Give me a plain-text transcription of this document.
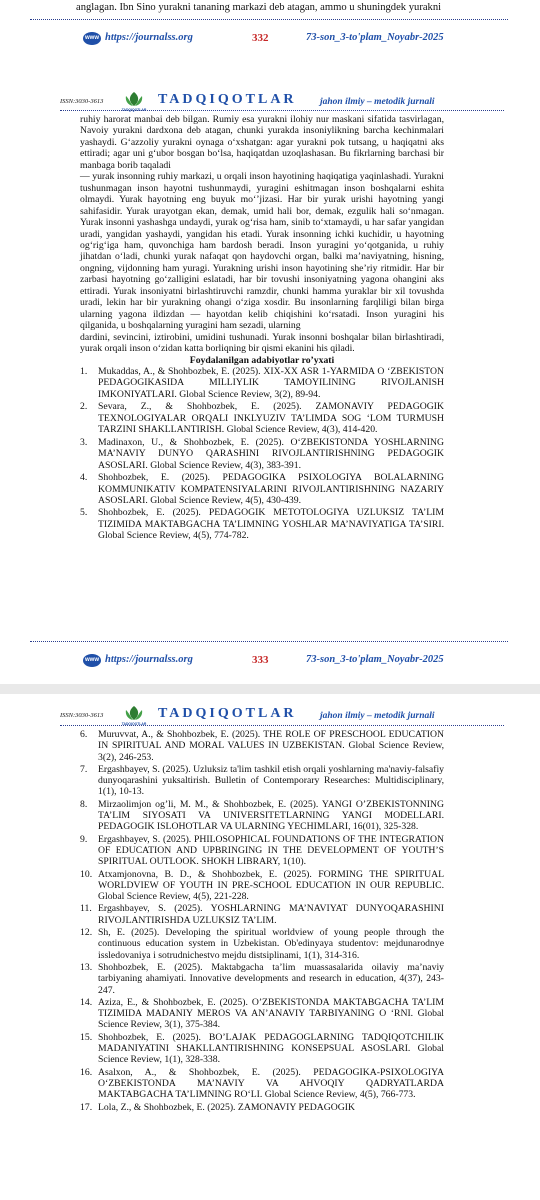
anglagan. Ibn Sino yurakni tananing markazi deb atagan, ammo u shuningdek yurakni
www https://journalss.org	332	73-son_3-to'plam_Noyabr-2025
ISSN:3030-3613
TADQIQOTLAR
TADQIQOTLAR jahon ilmiy – metodik jurnali

ruhiy harorat manbai deb bilgan. Rumiy esa yurakni ilohiy nur maskani sifatida tasvirlagan, Navoiy yurakni dardxona deb atagan, chunki yurakda insoniylikning barcha kechinmalari yashaydi. G‘azzoliy yurakni oynaga o‘xshatgan: agar yurakni pok tutsang, u haqiqatni aks ettiradi; agar uni g‘ubor bosgan bo‘lsa, haqiqatdan uzoqlashasan. Bu fikrlarning barchasi bir manbaga borib taqaladi

— yurak insonning ruhiy markazi, u orqali inson hayotining haqiqatiga yaqinlashadi. Yurakni tushunmagan inson hayotni tushunmaydi, yuragini eshitmagan inson boshqalarni eshita olmaydi. Yurak hayotning eng buyuk mo‘’jizasi. Har bir yurak urishi hayotning yangi sahifasidir. Yurak urayotgan ekan, demak, umid hali bor, demak, ezgulik hali so‘nmagan. Yurak insonni yashashga undaydi, yurak og‘risa ham, sinib to‘xtamaydi, u har safar yangidan uradi, yangidan yashaydi, yangidan his etadi. Yurak insonning ichki kuchidir, u hayotning og‘rig‘iga ham, quvonchiga ham bardosh beradi. Inson yuragini yo‘qotganida, u ruhiy jihatdan o‘ladi, chunki yurak nafaqat qon haydovchi organ, balki ma’naviyatning, hisning, ongning, vijdonning ham yuragi. Yurakning urishi inson hayotining she’riy ritmidir. Har bir zarbasi hayotning go‘zalligini eslatadi, har bir tovushi insoniyatning yagona ohangini aks ettiradi. Yurak insoniyatni birlashtiruvchi ramzdir, chunki hamma yuraklar bir xil tovushda uradi, lekin har bir yurakning ohangi o‘ziga xosdir. Bu insonlarning farqliligi bilan birga ularning yagona ildizdan — hayotdan kelib chiqishini ko‘rsatadi. Inson yuragini his qilganida, u boshqalarning yuragini ham sezadi, ularning

dardini, sevincini, iztirobini, umidini tushunadi. Yurak insonni boshqalar bilan birlashtiradi, yurak orqali inson o‘zidan katta borliqning bir qismi ekanini his qiladi.

Foydalanilgan adabiyotlar ro’yxati

1. Mukaddas, A., & Shohbozbek, E. (2025). XIX-XX ASR 1-YARMIDA O ‘ZBEKISTON PEDAGOGIKASIDA MILLIYLIK TAMOYILINING RIVOJLANISH IMKONIYATLARI. Global Science Review, 3(2), 89-94.
2. Sevara, Z., & Shohbozbek, E. (2025). ZAMONAVIY PEDAGOGIK TEXNOLOGIYALAR ORQALI INKLYUZIV TA’LIMDA SOG ‘LOM TURMUSH TARZINI SHAKLLANTIRISH. Global Science Review, 4(3), 414-420.
3. Madinaxon, U., & Shohbozbek, E. (2025). O‘ZBEKISTONDA YOSHLARNING MA’NAVIY DUNYO QARASHINI RIVOJLANTIRISHNING PEDAGOGIK ASOSLARI. Global Science Review, 4(3), 383-391.
4. Shohbozbek, E. (2025). PEDAGOGIKA PSIXOLOGIYA BOLALARNING KOMMUNIKATIV KOMPATENSIYALARINI RIVOJLANTIRISHNING NAZARIY ASOSLARI. Global Science Review, 4(5), 430-439.
5. Shohbozbek, E. (2025). PEDAGOGIK METOTOLOGIYA UZLUKSIZ TA’LIM TIZIMIDA MAKTABGACHA TA’LIMNING YOSHLAR MA’NAVIYATIGA TA’SIRI. Global Science Review, 4(5), 774-782.
www https://journalss.org	333	73-son_3-to'plam_Noyabr-2025
ISSN:3030-3613
TADQIQOTLAR
TADQIQOTLAR jahon ilmiy – metodik jurnali
6. Muruvvat, A., & Shohbozbek, E. (2025). THE ROLE OF PRESCHOOL EDUCATION IN SPIRITUAL AND MORAL VALUES IN UZBEKISTAN. Global Science Review, 3(2), 246-253.
7. Ergashbayev, S. (2025). Uzluksiz ta'lim tashkil etish orqali yoshlarning ma'naviy-falsafiy dunyoqarashini yuksaltirish. Bulletin of Contemporary Researches: Multidisciplinary, 1(1), 10-13.
8. Mirzaolimjon og’li, M. M., & Shohbozbek, E. (2025). YANGI O’ZBEKISTONNING TA’LIM SIYOSATI VA UNIVERSITETLARNING YANGI MODELLARI. PEDAGOGIK ISLOHOTLAR VA ULARNING YECHIMLARI, 16(01), 325-328.
9. Ergashbayev, S. (2025). PHILOSOPHICAL FOUNDATIONS OF THE INTEGRATION OF EDUCATION AND UPBRINGING IN THE DEVELOPMENT OF YOUTH’S SPIRITUAL OUTLOOK. SHOKH LIBRARY, 1(10).
10. Atxamjonovna, B. D., & Shohbozbek, E. (2025). FORMING THE SPIRITUAL WORLDVIEW OF YOUTH IN PRE-SCHOOL EDUCATION IN OUR REPUBLIC. Global Science Review, 4(5), 221-228.
11. Ergashbayev, S. (2025). YOSHLARNING MA’NAVIYAT DUNYOQARASHINI RIVOJLANTIRISHDA UZLUKSIZ TA’LIM.
12. Sh, E. (2025). Developing the spiritual worldview of young people through the continuous education system in Uzbekistan. Ob'edinyaya studentov: mejdunarodnye issledovaniya i sotrudnichestvo mejdu distsiplinami, 1(1), 314-316.
13. Shohbozbek, E. (2025). Maktabgacha ta’lim muassasalarida oilaviy ma’naviy tarbiyaning ahamiyati. Innovative developments and research in education, 4(37), 243-247.
14. Aziza, E., & Shohbozbek, E. (2025). O’ZBEKISTONDA MAKTABGACHA TA’LIM TIZIMIDA MADANIY MEROS VA AN’ANAVIY TARBIYANING O ‘RNI. Global Science Review, 3(1), 375-384.
15. Shohbozbek, E. (2025). BO’LAJAK PEDAGOGLARNING TADQIQOTCHILIK MADANIYATINI SHAKLLANTIRISHNING KONSEPSUAL ASOSLARI. Global Science Review, 1(1), 328-338.
16. Asalxon, A., & Shohbozbek, E. (2025). PEDAGOGIKA-PSIXOLOGIYA O‘ZBEKISTONDA MA’NAVIY VA AHVOQIY QADRYATLARDA MAKTABGACHA TA’LIMNING RO‘LI. Global Science Review, 4(5), 766-773.
17. Lola, Z., & Shohbozbek, E. (2025). ZAMONAVIY PEDAGOGIK
